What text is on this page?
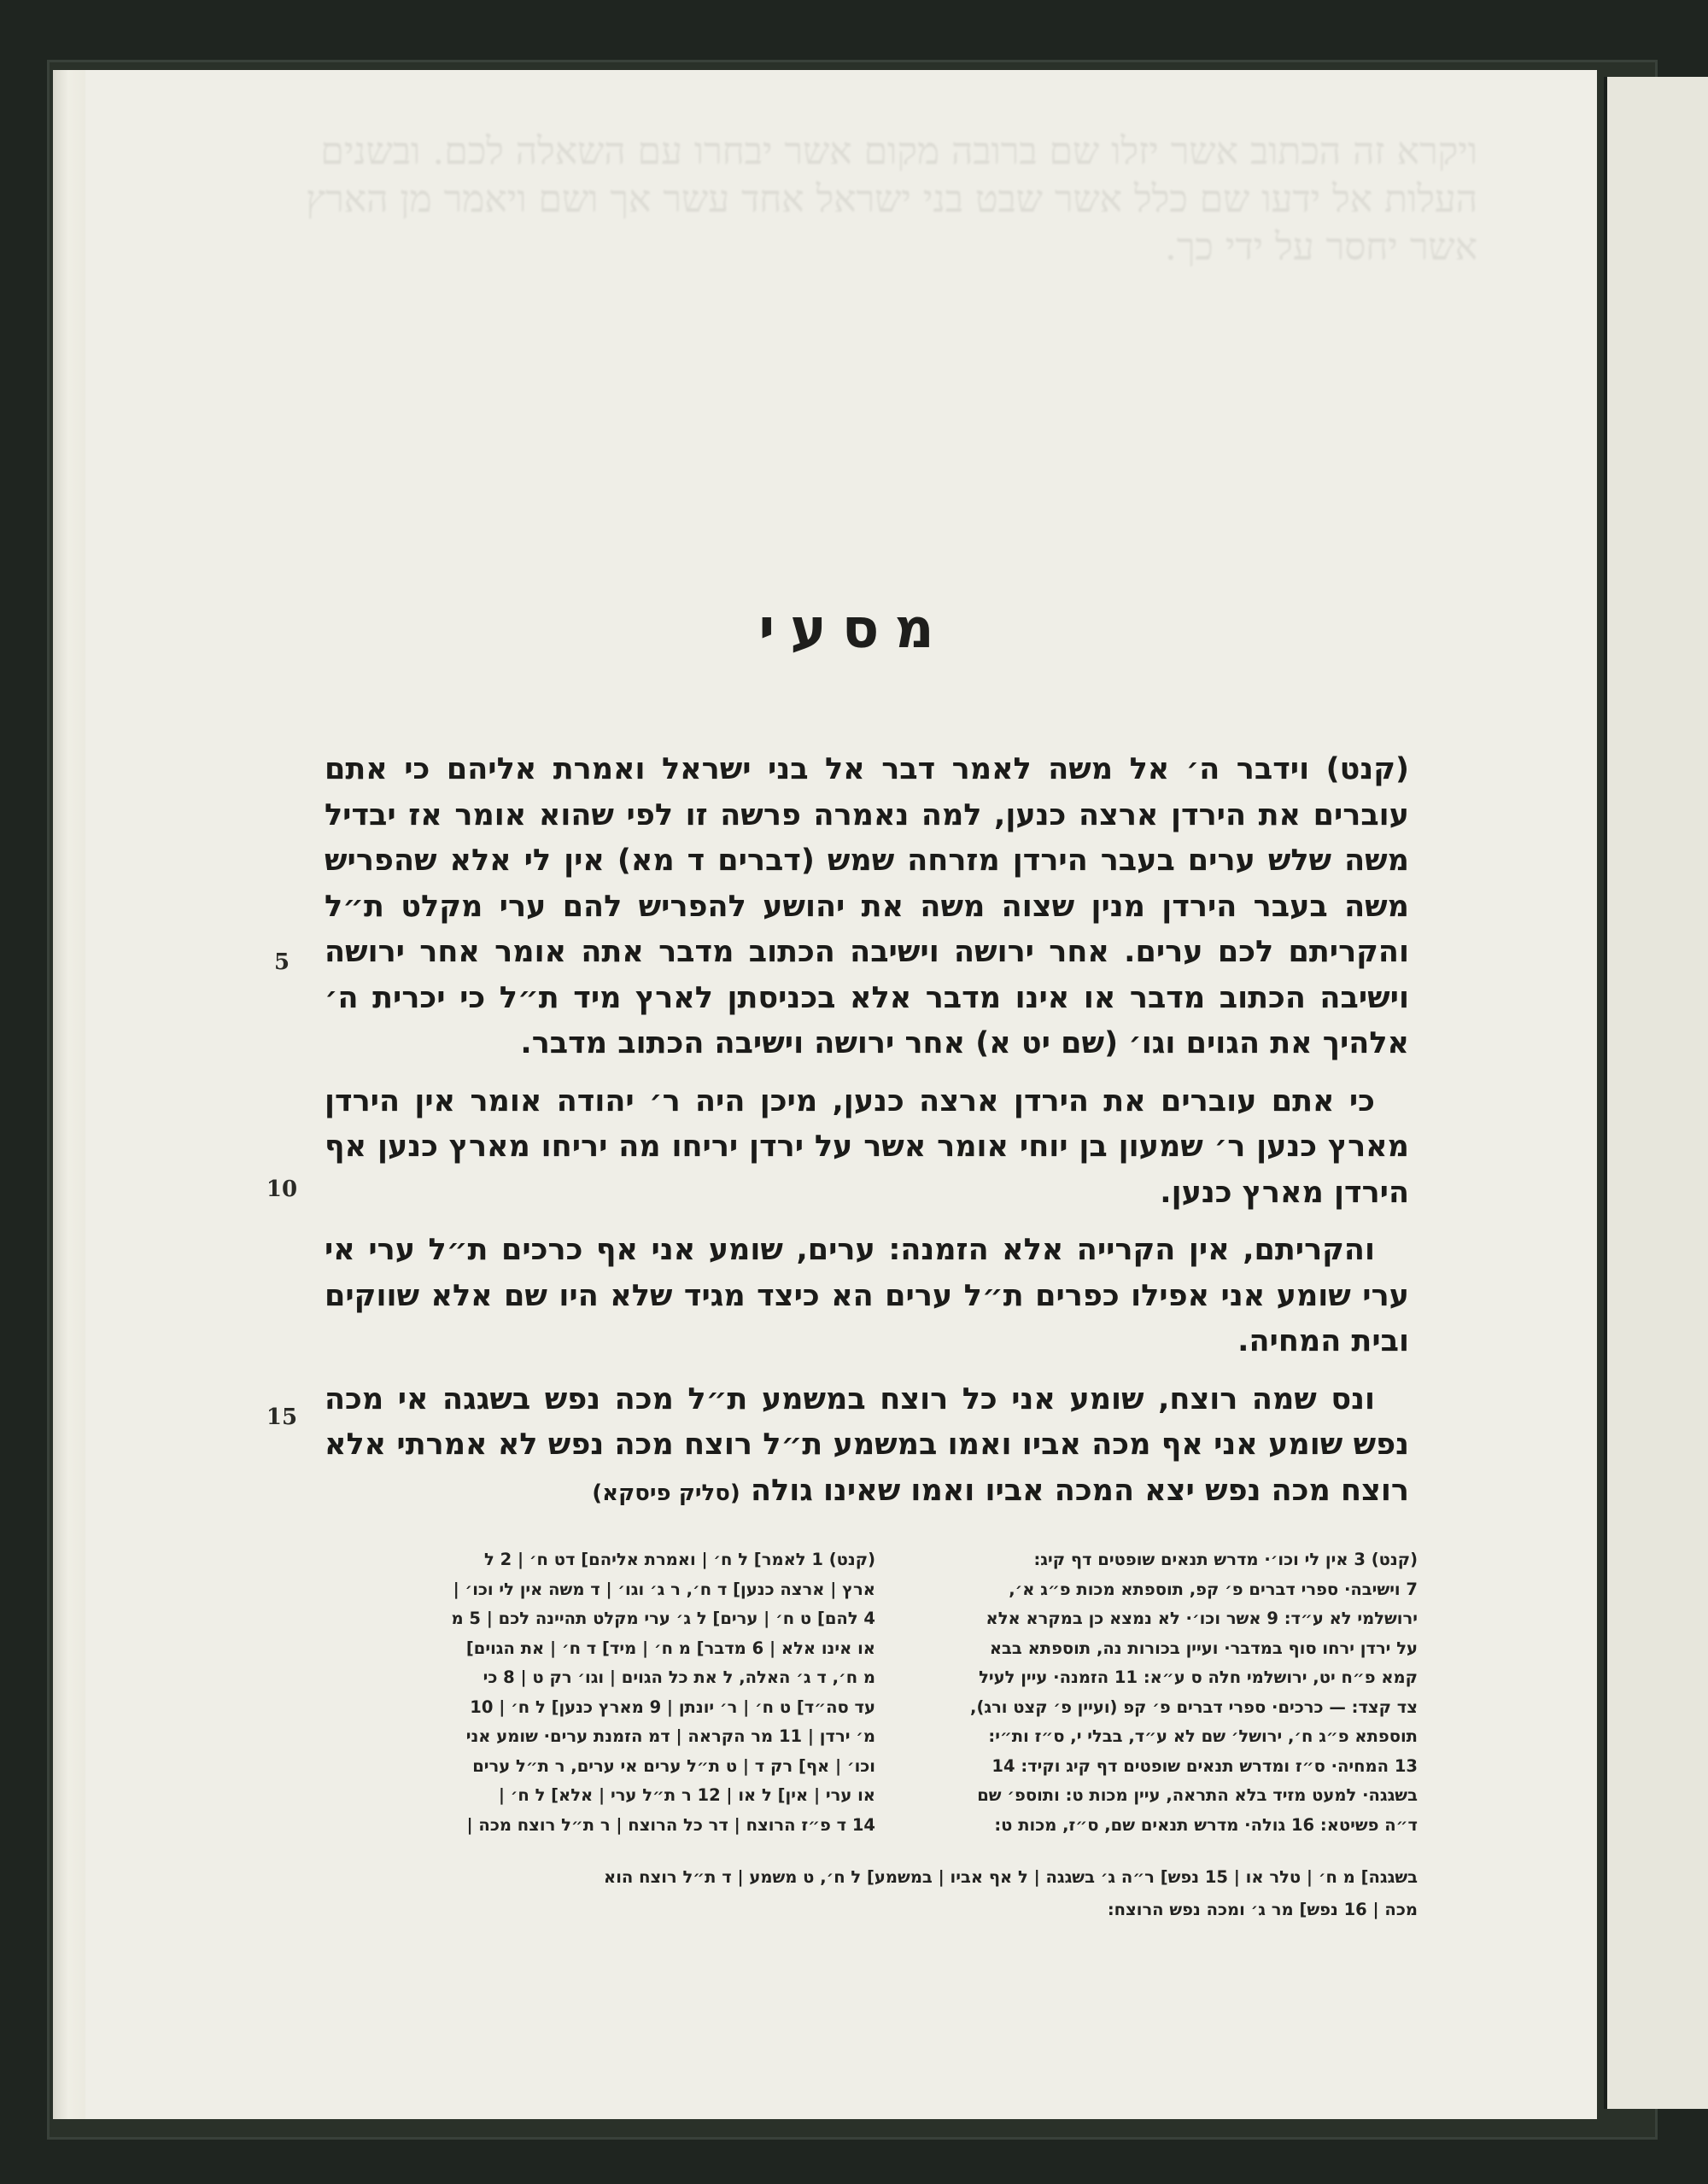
ויקרא זה הכתוב אשר יזלו שם ברובה מקום אשר יבחרו עם השאלה לכם. ובשנים העלות אל ידעו שם כלל אשר שבט בני ישראל אחד עשר אך ושם ויאמר מן הארץ אשר יחסר על ידי כך.
מסעי

(קנט) וידבר ה׳ אל משה לאמר דבר אל בני ישראל ואמרת אליהם כי אתם עוברים את הירדן ארצה כנען, למה נאמרה פרשה זו לפי שהוא אומר אז יבדיל משה שלש ערים בעבר הירדן מזרחה שמש (דברים ד מא) אין לי אלא שהפריש משה בעבר הירדן מנין שצוה משה את יהושע להפריש להם ערי מקלט ת״ל והקריתם לכם ערים. אחר ירושה וישיבה הכתוב מדבר אתה אומר אחר ירושה וישיבה הכתוב מדבר או אינו מדבר אלא בכניסתן לארץ מיד ת״ל כי יכרית ה׳ אלהיך את הגוים וגו׳ (שם יט א) אחר ירושה וישיבה הכתוב מדבר.

כי אתם עוברים את הירדן ארצה כנען, מיכן היה ר׳ יהודה אומר אין הירדן מארץ כנען ר׳ שמעון בן יוחי אומר אשר על ירדן יריחו מה יריחו מארץ כנען אף הירדן מארץ כנען.

והקריתם, אין הקרייה אלא הזמנה: ערים, שומע אני אף כרכים ת״ל ערי אי ערי שומע אני אפילו כפרים ת״ל ערים הא כיצד מגיד שלא היו שם אלא שווקים ובית המחיה.

ונס שמה רוצח, שומע אני כל רוצח במשמע ת״ל מכה נפש בשגגה אי מכה נפש שומע אני אף מכה אביו ואמו במשמע ת״ל רוצח מכה נפש לא אמרתי אלא רוצח מכה נפש יצא המכה אביו ואמו שאינו גולה (סליק פיסקא)

5
10
15
(קנט) 3 אין לי וכו׳· מדרש תנאים שופטים דף קיג:
7 וישיבה· ספרי דברים פ׳ קפ, תוספתא מכות פ״ג א׳,
ירושלמי לא ע״ד: 9 אשר וכו׳· לא נמצא כן במקרא אלא
על ירדן ירחו סוף במדבר· ועיין בכורות נה, תוספתא בבא
קמא פ״ח יט, ירושלמי חלה ס ע״א: 11 הזמנה· עיין לעיל
צד קצד: — כרכים· ספרי דברים פ׳ קפ (ועיין פ׳ קצט ורג),
תוספתא פ״ג ח׳, ירושל׳ שם לא ע״ד, בבלי י, ס״ז ות״י:
13 המחיה· ס״ז ומדרש תנאים שופטים דף קיג וקיד: 14
בשגגה· למעט מזיד בלא התראה, עיין מכות ט: ותוספ׳ שם
ד״ה פשיטא: 16 גולה· מדרש תנאים שם, ס״ז, מכות ט:
(קנט) 1 לאמר] ל ח׳ | ואמרת אליהם] דט ח׳ | 2 ל
ארץ | ארצה כנען] ד ח׳, ר ג׳ וגו׳ | ד משה אין לי וכו׳ |
4 להם] ט ח׳ | ערים] ל ג׳ ערי מקלט תהיינה לכם | 5 מ
או אינו אלא | 6 מדבר] מ ח׳ | מיד] ד ח׳ | את הגוים]
מ ח׳, ד ג׳ האלה, ל את כל הגוים | וגו׳ רק ט | 8 כי
עד סה״ד] ט ח׳ | ר׳ יונתן | 9 מארץ כנען] ל ח׳ | 10
מ׳ ירדן | 11 מר הקראה | דמ הזמנת ערים· שומע אני
וכו׳ | אף] רק ד | ט ת״ל ערים אי ערים, ר ת״ל ערים
או ערי | אין] ל או | 12 ר ת״ל ערי | אלא] ל ח׳ |
14 ד פ״ז הרוצח | דר כל הרוצח | ר ת״ל רוצח מכה |
בשגגה] מ ח׳ | טלר או | 15 נפש] ר״ה ג׳ בשגגה | ל אף אביו | במשמע] ל ח׳, ט משמע | ד ת״ל רוצח הוא
מכה | 16 נפש] מר ג׳ ומכה נפש הרוצח:
